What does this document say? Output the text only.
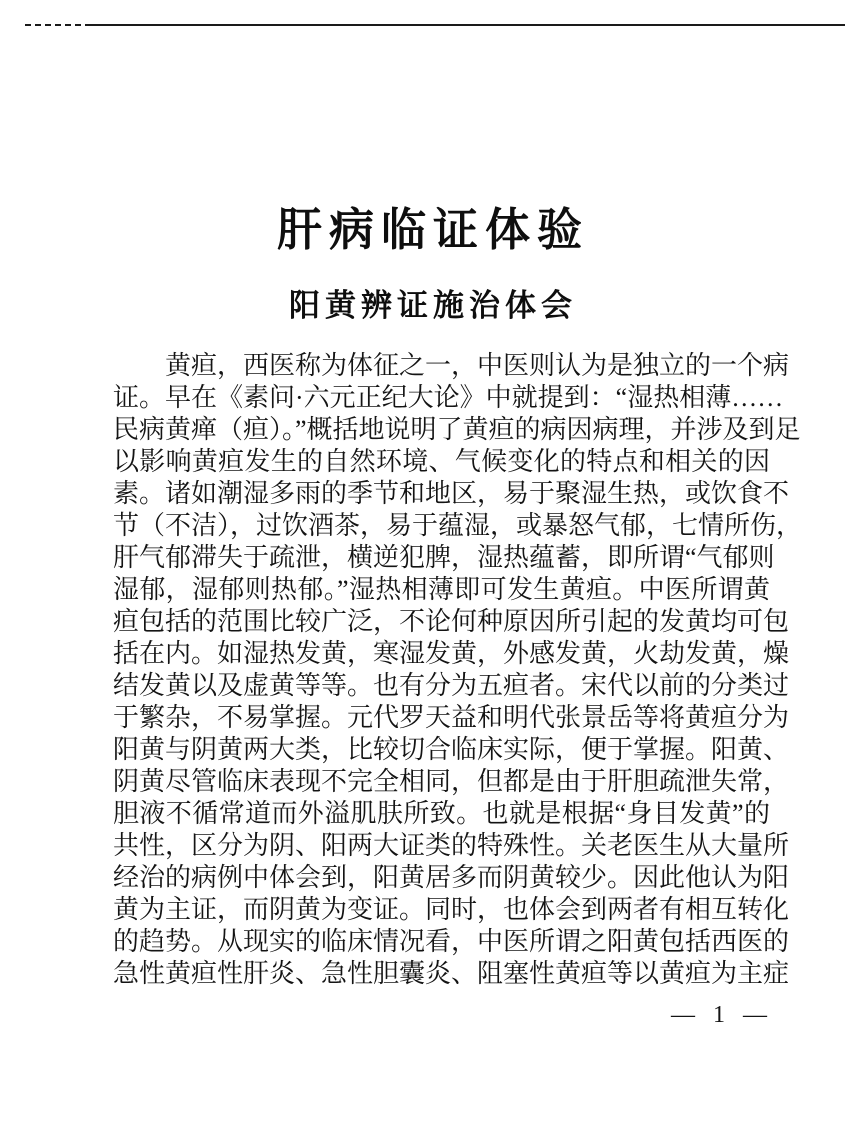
肝病临证体验
阳黄辨证施治体会
黄疸，西医称为体征之一，中医则认为是独立的一个病
证。早在《素问·六元正纪大论》中就提到：“湿热相薄……
民病黄瘅（疸）。”概括地说明了黄疸的病因病理，并涉及到足
以影响黄疸发生的自然环境、气候变化的特点和相关的因
素。诸如潮湿多雨的季节和地区，易于聚湿生热，或饮食不
节（不洁），过饮酒茶，易于蕴湿，或暴怒气郁，七情所伤，
肝气郁滞失于疏泄，横逆犯脾，湿热蕴蓄，即所谓“气郁则
湿郁，湿郁则热郁。”湿热相薄即可发生黄疸。中医所谓黄
疸包括的范围比较广泛，不论何种原因所引起的发黄均可包
括在内。如湿热发黄，寒湿发黄，外感发黄，火劫发黄，燥
结发黄以及虚黄等等。也有分为五疸者。宋代以前的分类过
于繁杂，不易掌握。元代罗天益和明代张景岳等将黄疸分为
阳黄与阴黄两大类，比较切合临床实际，便于掌握。阳黄、
阴黄尽管临床表现不完全相同，但都是由于肝胆疏泄失常，
胆液不循常道而外溢肌肤所致。也就是根据“身目发黄”的
共性，区分为阴、阳两大证类的特殊性。关老医生从大量所
经治的病例中体会到，阳黄居多而阴黄较少。因此他认为阳
黄为主证，而阴黄为变证。同时，也体会到两者有相互转化
的趋势。从现实的临床情况看，中医所谓之阳黄包括西医的
急性黄疸性肝炎、急性胆囊炎、阻塞性黄疸等以黄疸为主症
— 1 —
